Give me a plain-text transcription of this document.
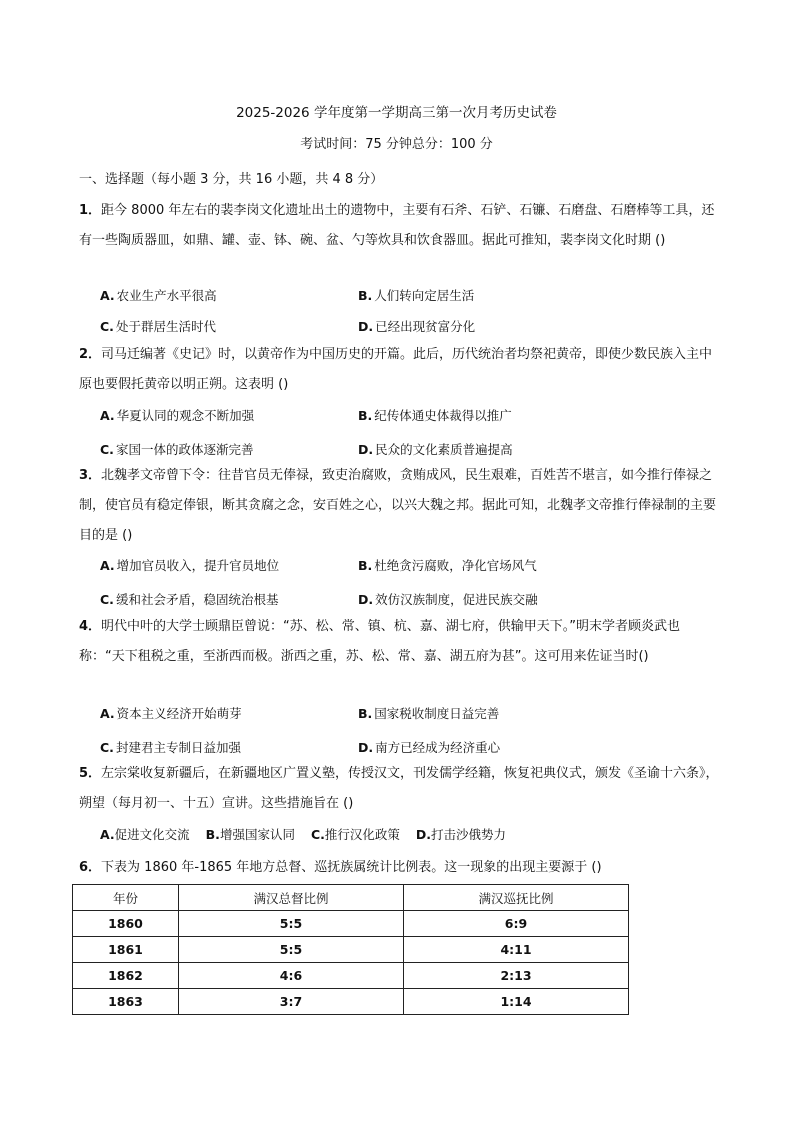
2025-2026 学年度第一学期高三第一次月考历史试卷
考试时间：75 分钟总分：100 分
一、选择题（每小题 3 分，共 16 小题，共 4 8 分）
1．距今 8000 年左右的裴李岗文化遗址出土的遗物中，主要有石斧、石铲、石镰、石磨盘、石磨棒等工具，还有一些陶质器皿，如鼎、罐、壶、钵、碗、盆、勺等炊具和饮食器皿。据此可推知，裴李岗文化时期 ()
A. 农业生产水平很高	B. 人们转向定居生活
C. 处于群居生活时代	D. 已经出现贫富分化
2．司马迁编著《史记》时，以黄帝作为中国历史的开篇。此后，历代统治者均祭祀黄帝，即使少数民族入主中原也要假托黄帝以明正朔。这表明 ()
A. 华夏认同的观念不断加强	B. 纪传体通史体裁得以推广
C. 家国一体的政体逐渐完善	D. 民众的文化素质普遍提高
3．北魏孝文帝曾下令：往昔官员无俸禄，致吏治腐败，贪贿成风，民生艰难，百姓苦不堪言，如今推行俸禄之制，使官员有稳定俸银，断其贪腐之念，安百姓之心，以兴大魏之邦。据此可知，北魏孝文帝推行俸禄制的主要目的是 ()
A. 增加官员收入，提升官员地位	B. 杜绝贪污腐败，净化官场风气
C. 缓和社会矛盾，稳固统治根基	D. 效仿汉族制度，促进民族交融
4．明代中叶的大学士顾鼎臣曾说：“苏、松、常、镇、杭、嘉、湖七府，供输甲天下。”明末学者顾炎武也称：“天下租税之重，至浙西而极。浙西之重，苏、松、常、嘉、湖五府为甚”。这可用来佐证当时()
A. 资本主义经济开始萌芽	B. 国家税收制度日益完善
C. 封建君主专制日益加强	D. 南方已经成为经济重心
5．左宗棠收复新疆后，在新疆地区广置义塾，传授汉文，刊发儒学经籍，恢复祀典仪式，颁发《圣谕十六条》，朔望（每月初一、十五）宣讲。这些措施旨在 ()
A.促进文化交流 B.增强国家认同 C.推行汉化政策 D.打击沙俄势力
6．下表为 1860 年-1865 年地方总督、巡抚族属统计比例表。这一现象的出现主要源于 ()
年份	满汉总督比例	满汉巡抚比例
1860	5:5	6:9
1861	5:5	4:11
1862	4:6	2:13
1863	3:7	1:14
